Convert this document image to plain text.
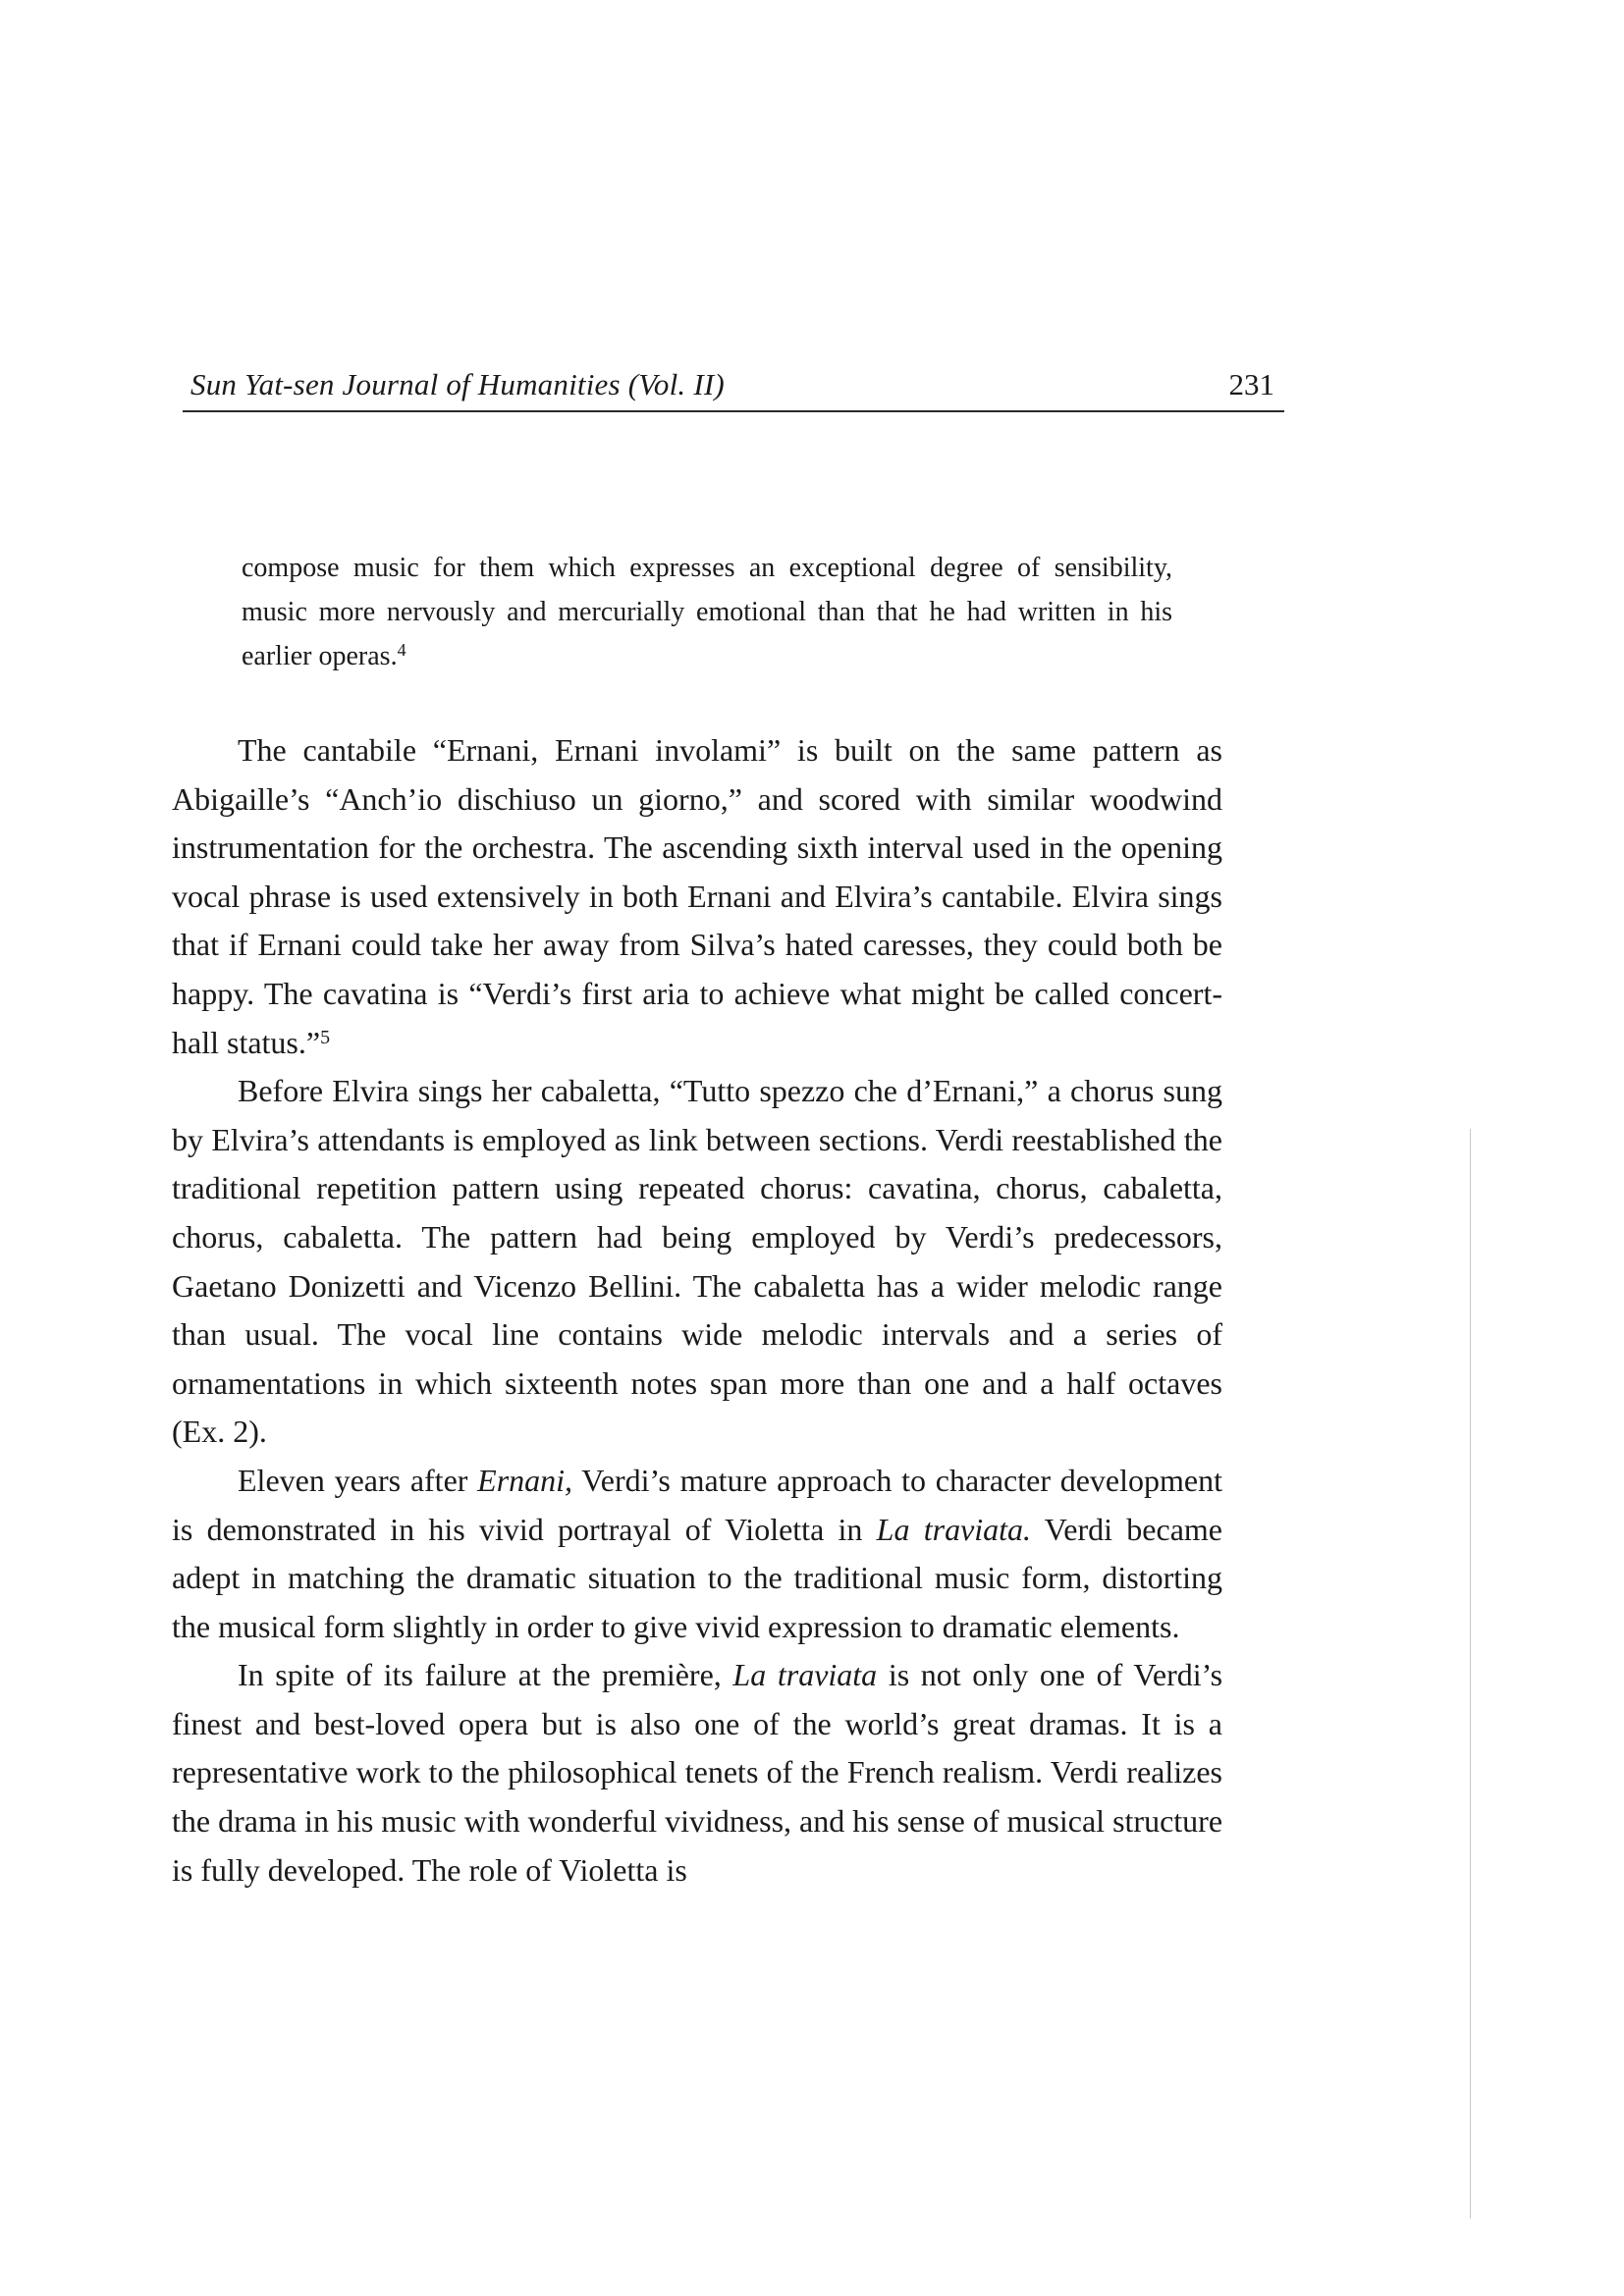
Sun Yat-sen Journal of Humanities (Vol. II)	231
compose music for them which expresses an exceptional degree of sensibility, music more nervously and mercurially emotional than that he had written in his earlier operas.$^4$

The cantabile “Ernani, Ernani involami” is built on the same pattern as Abigaille’s “Anch’io dischiuso un giorno,” and scored with similar woodwind instrumentation for the orchestra. The ascending sixth interval used in the opening vocal phrase is used extensively in both Ernani and Elvira’s cantabile. Elvira sings that if Ernani could take her away from Silva’s hated caresses, they could both be happy. The cavatina is “Verdi’s first aria to achieve what might be called concert-hall status.”$^5$

Before Elvira sings her cabaletta, “Tutto spezzo che d’Ernani,” a chorus sung by Elvira’s attendants is employed as link between sections. Verdi reestablished the traditional repetition pattern using repeated chorus: cavatina, chorus, cabaletta, chorus, cabaletta. The pattern had being employed by Verdi’s predecessors, Gaetano Donizetti and Vicenzo Bellini. The cabaletta has a wider melodic range than usual. The vocal line contains wide melodic intervals and a series of ornamentations in which sixteenth notes span more than one and a half octaves (Ex. 2).

Eleven years after Ernani, Verdi’s mature approach to character development is demonstrated in his vivid portrayal of Violetta in La traviata. Verdi became adept in matching the dramatic situation to the traditional music form, distorting the musical form slightly in order to give vivid expression to dramatic elements.

In spite of its failure at the première, La traviata is not only one of Verdi’s finest and best-loved opera but is also one of the world’s great dramas. It is a representative work to the philosophical tenets of the French realism. Verdi realizes the drama in his music with wonderful vividness, and his sense of musical structure is fully developed. The role of Violetta is
